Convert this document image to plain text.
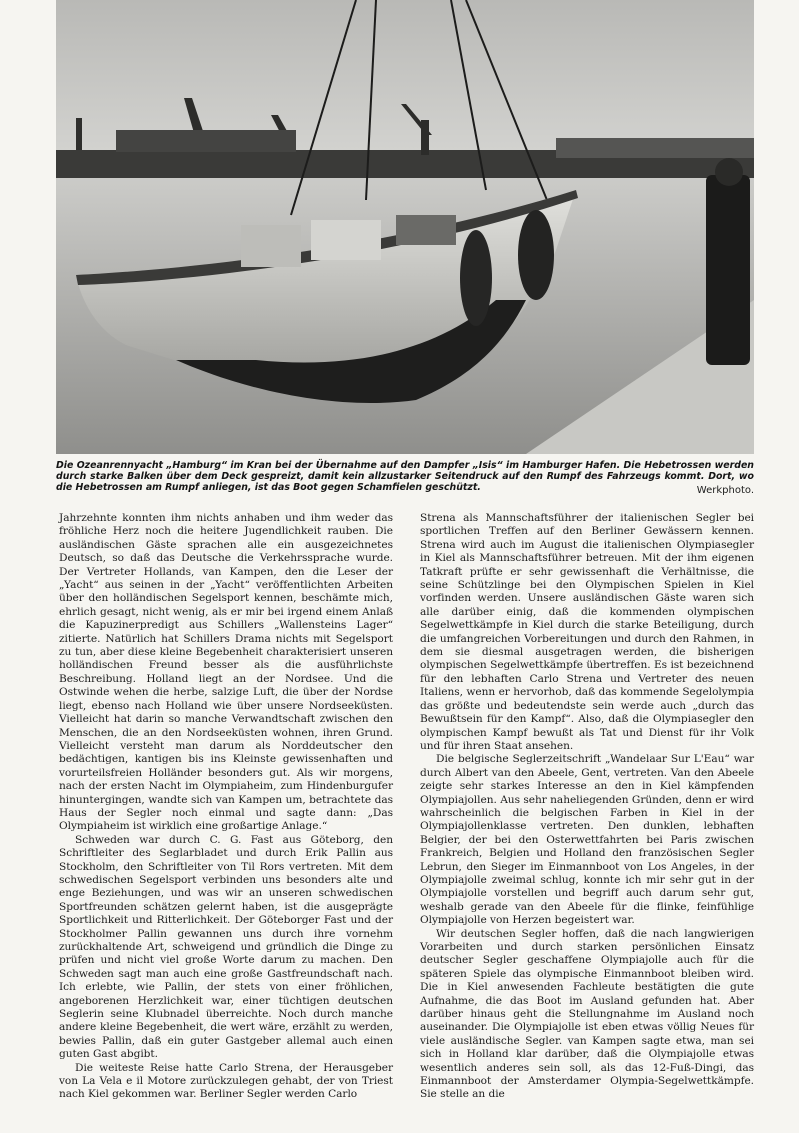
Die Ozeanrennyacht „Hamburg“ im Kran bei der Übernahme auf den Dampfer „Isis“ im Hamburger Hafen. Die Hebetrossen werden durch starke Balken über dem Deck gespreizt, damit kein allzustarker Seitendruck auf den Rumpf des Fahrzeugs kommt. Dort, wo die Hebetrossen am Rumpf anliegen, ist das Boot gegen Schamfielen geschützt.	Werkphoto.

Jahrzehnte konnten ihm nichts anhaben und ihm weder das fröhliche Herz noch die heitere Jugendlichkeit rauben. Die ausländischen Gäste sprachen alle ein ausgezeichnetes Deutsch, so daß das Deutsche die Verkehrssprache wurde. Der Vertreter Hollands, van Kampen, den die Leser der „Yacht“ aus seinen in der „Yacht“ veröffentlichten Arbeiten über den holländischen Segelsport kennen, beschämte mich, ehrlich gesagt, nicht wenig, als er mir bei irgend einem Anlaß die Kapuzinerpredigt aus Schillers „Wallensteins Lager“ zitierte. Natürlich hat Schillers Drama nichts mit Segelsport zu tun, aber diese kleine Begebenheit charakterisiert unseren holländischen Freund besser als die ausführlichste Beschreibung. Holland liegt an der Nordsee. Und die Ostwinde wehen die herbe, salzige Luft, die über der Nordse liegt, ebenso nach Holland wie über unsere Nordseeküsten. Vielleicht hat darin so manche Verwandtschaft zwischen den Menschen, die an den Nordseeküsten wohnen, ihren Grund. Vielleicht versteht man darum als Norddeutscher den bedächtigen, kantigen bis ins Kleinste gewissenhaften und vorurteilsfreien Holländer besonders gut. Als wir morgens, nach der ersten Nacht im Olympiaheim, zum Hindenburgufer hinuntergingen, wandte sich van Kampen um, betrachtete das Haus der Segler noch einmal und sagte dann: „Das Olympiaheim ist wirklich eine großartige Anlage.“

Schweden war durch C. G. Fast aus Göteborg, den Schriftleiter des Seglarbladet und durch Erik Pallin aus Stockholm, den Schriftleiter von Til Rors vertreten. Mit dem schwedischen Segelsport verbinden uns besonders alte und enge Beziehungen, und was wir an unseren schwedischen Sportfreunden schätzen gelernt haben, ist die ausgeprägte Sportlichkeit und Ritterlichkeit. Der Göteborger Fast und der Stockholmer Pallin gewannen uns durch ihre vornehm zurückhaltende Art, schweigend und gründlich die Dinge zu prüfen und nicht viel große Worte darum zu machen. Den Schweden sagt man auch eine große Gastfreundschaft nach. Ich erlebte, wie Pallin, der stets von einer fröhlichen, angeborenen Herzlichkeit war, einer tüchtigen deutschen Seglerin seine Klubnadel überreichte. Noch durch manche andere kleine Begebenheit, die wert wäre, erzählt zu werden, bewies Pallin, daß ein guter Gastgeber allemal auch einen guten Gast abgibt.

Die weiteste Reise hatte Carlo Strena, der Herausgeber von La Vela e il Motore zurückzulegen gehabt, der von Triest nach Kiel gekommen war. Berliner Segler werden Carlo

Strena als Mannschaftsführer der italienischen Segler bei sportlichen Treffen auf den Berliner Gewässern kennen. Strena wird auch im August die italienischen Olympiasegler in Kiel als Mannschaftsführer betreuen. Mit der ihm eigenen Tatkraft prüfte er sehr gewissenhaft die Verhältnisse, die seine Schützlinge bei den Olympischen Spielen in Kiel vorfinden werden. Unsere ausländischen Gäste waren sich alle darüber einig, daß die kommenden olympischen Segelwettkämpfe in Kiel durch die starke Beteiligung, durch die umfangreichen Vorbereitungen und durch den Rahmen, in dem sie diesmal ausgetragen werden, die bisherigen olympischen Segelwettkämpfe übertreffen. Es ist bezeichnend für den lebhaften Carlo Strena und Vertreter des neuen Italiens, wenn er hervorhob, daß das kommende Segelolympia das größte und bedeutendste sein werde auch „durch das Bewußtsein für den Kampf“. Also, daß die Olympiasegler den olympischen Kampf bewußt als Tat und Dienst für ihr Volk und für ihren Staat ansehen.

Die belgische Seglerzeitschrift „Wandelaar Sur L'Eau“ war durch Albert van den Abeele, Gent, vertreten. Van den Abeele zeigte sehr starkes Interesse an den in Kiel kämpfenden Olympiajollen. Aus sehr naheliegenden Gründen, denn er wird wahrscheinlich die belgischen Farben in Kiel in der Olympiajollenklasse vertreten. Den dunklen, lebhaften Belgier, der bei den Osterwettfahrten bei Paris zwischen Frankreich, Belgien und Holland den französischen Segler Lebrun, den Sieger im Einmannboot von Los Angeles, in der Olympiajolle zweimal schlug, konnte ich mir sehr gut in der Olympiajolle vorstellen und begriff auch darum sehr gut, weshalb gerade van den Abeele für die flinke, feinfühlige Olympiajolle von Herzen begeistert war.

Wir deutschen Segler hoffen, daß die nach langwierigen Vorarbeiten und durch starken persönlichen Einsatz deutscher Segler geschaffene Olympiajolle auch für die späteren Spiele das olympische Einmannboot bleiben wird. Die in Kiel anwesenden Fachleute bestätigten die gute Aufnahme, die das Boot im Ausland gefunden hat. Aber darüber hinaus geht die Stellungnahme im Ausland noch auseinander. Die Olympiajolle ist eben etwas völlig Neues für viele ausländische Segler. van Kampen sagte etwa, man sei sich in Holland klar darüber, daß die Olympiajolle etwas wesentlich anderes sein soll, als das 12-Fuß-Dingi, das Einmannboot der Amsterdamer Olympia-Segelwettkämpfe. Sie stelle an die
